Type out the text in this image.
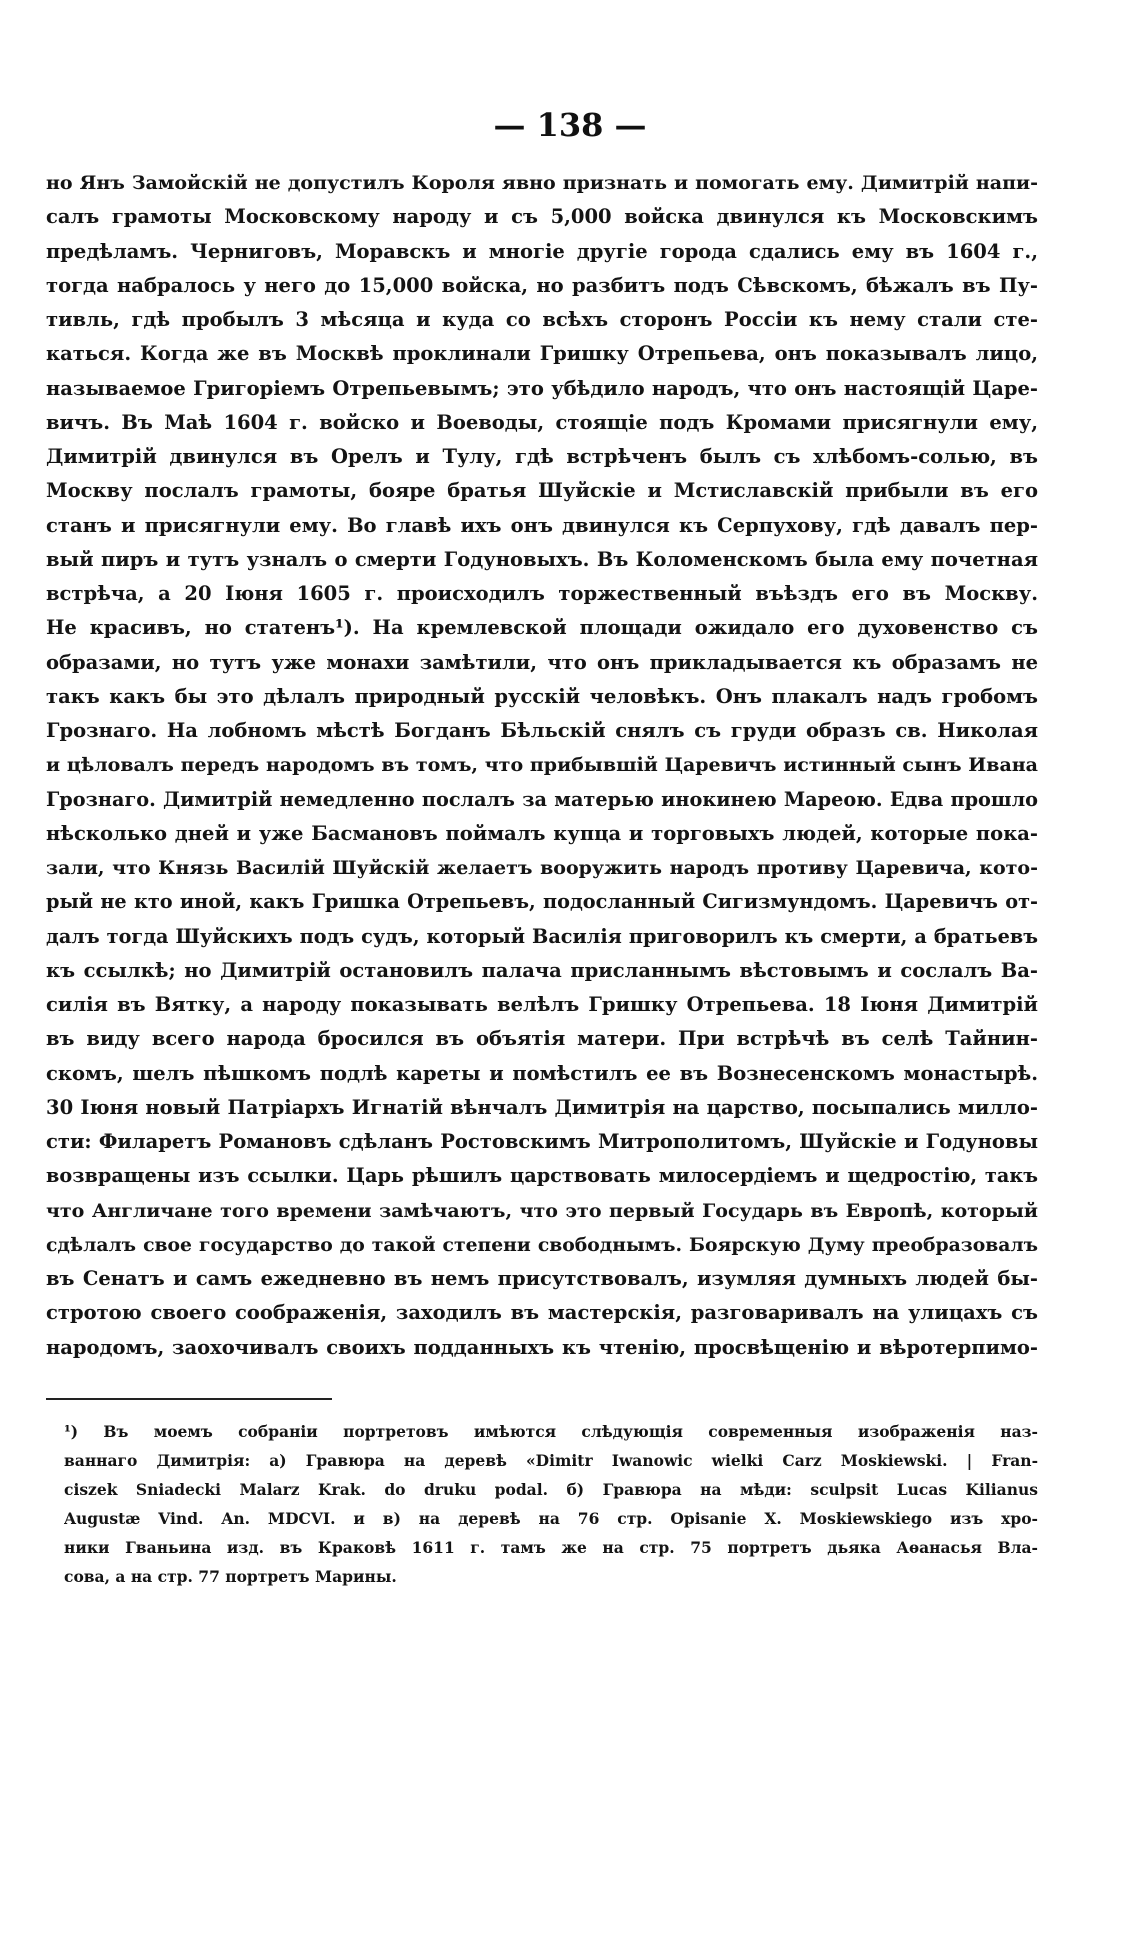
— 138 —
но Янъ Замойскій не допустилъ Короля явно признать и помогать ему. Димитрій напи-
салъ грамоты Московскому народу и съ 5,000 войска двинулся къ Московскимъ
предѣламъ. Черниговъ, Моравскъ и многіе другіе города сдались ему въ 1604 г.,
тогда набралось у него до 15,000 войска, но разбитъ подъ Сѣвскомъ, бѣжалъ въ Пу-
тивль, гдѣ пробылъ 3 мѣсяца и куда со всѣхъ сторонъ Россіи къ нему стали сте-
каться. Когда же въ Москвѣ проклинали Гришку Отрепьева, онъ показывалъ лицо,
называемое Григоріемъ Отрепьевымъ; это убѣдило народъ, что онъ настоящій Царе-
вичъ. Въ Маѣ 1604 г. войско и Воеводы, стоящіе подъ Кромами присягнули ему,
Димитрій двинулся въ Орелъ и Тулу, гдѣ встрѣченъ былъ съ хлѣбомъ-солью, въ
Москву послалъ грамоты, бояре братья Шуйскіе и Мстиславскій прибыли въ его
станъ и присягнули ему. Во главѣ ихъ онъ двинулся къ Серпухову, гдѣ давалъ пер-
вый пиръ и тутъ узналъ о смерти Годуновыхъ. Въ Коломенскомъ была ему почетная
встрѣча, а 20 Іюня 1605 г. происходилъ торжественный въѣздъ его въ Москву.
Не красивъ, но статенъ¹). На кремлевской площади ожидало его духовенство съ
образами, но тутъ уже монахи замѣтили, что онъ прикладывается къ образамъ не
такъ какъ бы это дѣлалъ природный русскій человѣкъ. Онъ плакалъ надъ гробомъ
Грознаго. На лобномъ мѣстѣ Богданъ Бѣльскій снялъ съ груди образъ св. Николая
и цѣловалъ передъ народомъ въ томъ, что прибывшій Царевичъ истинный сынъ Ивана
Грознаго. Димитрій немедленно послалъ за матерью инокинею Мареою. Едва прошло
нѣсколько дней и уже Басмановъ поймалъ купца и торговыхъ людей, которые пока-
зали, что Князь Василій Шуйскій желаетъ вооружить народъ противу Царевича, кото-
рый не кто иной, какъ Гришка Отрепьевъ, подосланный Сигизмундомъ. Царевичъ от-
далъ тогда Шуйскихъ подъ судъ, который Василія приговорилъ къ смерти, а братьевъ
къ ссылкѣ; но Димитрій остановилъ палача присланнымъ вѣстовымъ и сослалъ Ва-
силія въ Вятку, а народу показывать велѣлъ Гришку Отрепьева. 18 Іюня Димитрій
въ виду всего народа бросился въ объятія матери. При встрѣчѣ въ селѣ Тайнин-
скомъ, шелъ пѣшкомъ подлѣ кареты и помѣстилъ ее въ Вознесенскомъ монастырѣ.
30 Іюня новый Патріархъ Игнатій вѣнчалъ Димитрія на царство, посыпались милло-
сти: Филаретъ Романовъ сдѣланъ Ростовскимъ Митрополитомъ, Шуйскіе и Годуновы
возвращены изъ ссылки. Царь рѣшилъ царствовать милосердіемъ и щедростію, такъ
что Англичане того времени замѣчаютъ, что это первый Государь въ Европѣ, который
сдѣлалъ свое государство до такой степени свободнымъ. Боярскую Думу преобразовалъ
въ Сенатъ и самъ ежедневно въ немъ присутствовалъ, изумляя думныхъ людей бы-
стротою своего соображенія, заходилъ въ мастерскія, разговаривалъ на улицахъ съ
народомъ, заохочивалъ своихъ подданныхъ къ чтенію, просвѣщенію и вѣротерпимо-
¹) Въ моемъ собраніи портретовъ имѣются слѣдующія современныя изображенія наз-
ваннаго Димитрія: а) Гравюра на деревѣ «Dimitr Iwanowic wielki Carz Moskiewski. | Fran-
ciszek Sniadecki Malarz Krak. do druku podal. б) Гравюра на мѣди: sculpsit Lucas Kilianus
Augustæ Vind. An. MDCVI. и в) на деревѣ на 76 стр. Opisanie X. Moskiewskiego изъ хро-
ники Гваньина изд. въ Краковѣ 1611 г. тамъ же на стр. 75 портретъ дьяка Аѳанасья Вла-
сова, а на стр. 77 портретъ Марины.
